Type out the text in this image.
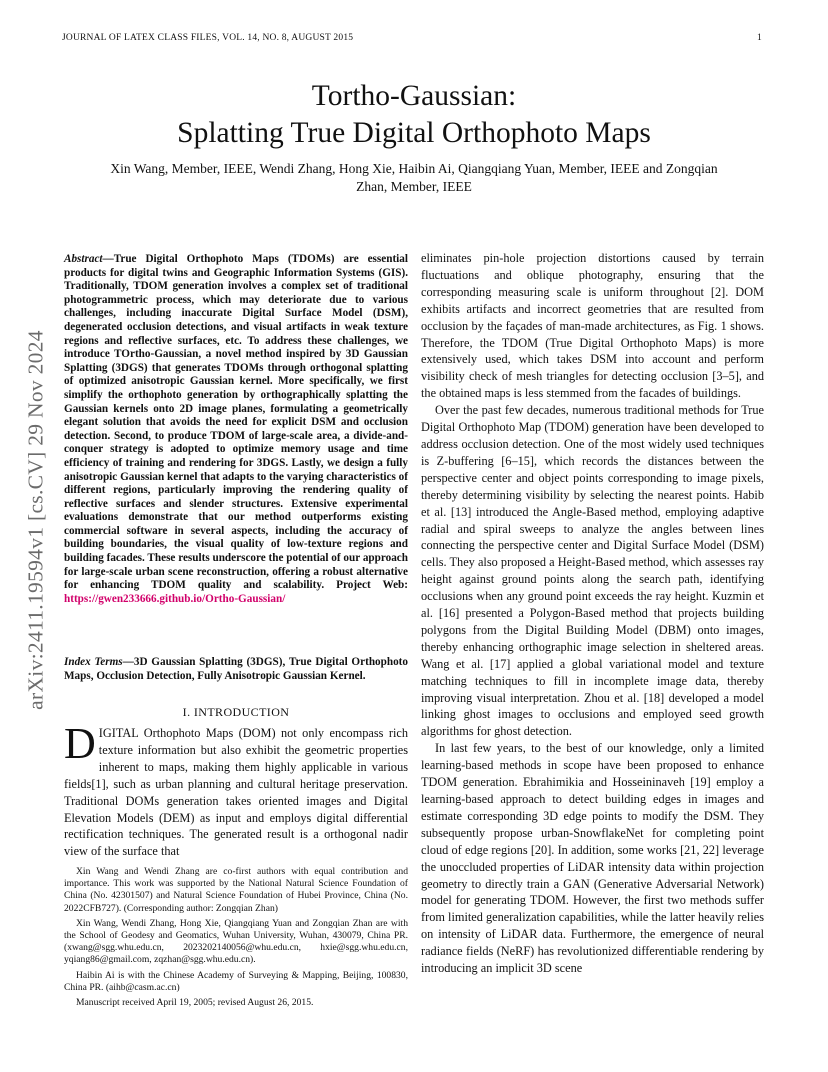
JOURNAL OF LATEX CLASS FILES, VOL. 14, NO. 8, AUGUST 2015	1
arXiv:2411.19594v1 [cs.CV] 29 Nov 2024
Tortho-Gaussian:
Splatting True Digital Orthophoto Maps
Xin Wang, Member, IEEE, Wendi Zhang, Hong Xie, Haibin Ai, Qiangqiang Yuan, Member, IEEE and Zongqian
Zhan, Member, IEEE
Abstract—True Digital Orthophoto Maps (TDOMs) are essential products for digital twins and Geographic Information Systems (GIS). Traditionally, TDOM generation involves a complex set of traditional photogrammetric process, which may deteriorate due to various challenges, including inaccurate Digital Surface Model (DSM), degenerated occlusion detections, and visual artifacts in weak texture regions and reflective surfaces, etc. To address these challenges, we introduce TOrtho-Gaussian, a novel method inspired by 3D Gaussian Splatting (3DGS) that generates TDOMs through orthogonal splatting of optimized anisotropic Gaussian kernel. More specifically, we first simplify the orthophoto generation by orthographically splatting the Gaussian kernels onto 2D image planes, formulating a geometrically elegant solution that avoids the need for explicit DSM and occlusion detection. Second, to produce TDOM of large-scale area, a divide-and-conquer strategy is adopted to optimize memory usage and time efficiency of training and rendering for 3DGS. Lastly, we design a fully anisotropic Gaussian kernel that adapts to the varying characteristics of different regions, particularly improving the rendering quality of reflective surfaces and slender structures. Extensive experimental evaluations demonstrate that our method outperforms existing commercial software in several aspects, including the accuracy of building boundaries, the visual quality of low-texture regions and building facades. These results underscore the potential of our approach for large-scale urban scene reconstruction, offering a robust alternative for enhancing TDOM quality and scalability. Project Web: https://gwen233666.github.io/Ortho-Gaussian/
Index Terms—3D Gaussian Splatting (3DGS), True Digital Orthophoto Maps, Occlusion Detection, Fully Anisotropic Gaussian Kernel.
I. INTRODUCTION

DIGITAL Orthophoto Maps (DOM) not only encompass rich texture information but also exhibit the geometric properties inherent to maps, making them highly applicable in various fields[1], such as urban planning and cultural heritage preservation. Traditional DOMs generation takes oriented images and Digital Elevation Models (DEM) as input and employs digital differential rectification techniques. The generated result is a orthogonal nadir view of the surface that

Xin Wang and Wendi Zhang are co-first authors with equal contribution and importance. This work was supported by the National Natural Science Foundation of China (No. 42301507) and Natural Science Foundation of Hubei Province, China (No. 2022CFB727). (Corresponding author: Zongqian Zhan)

Xin Wang, Wendi Zhang, Hong Xie, Qiangqiang Yuan and Zongqian Zhan are with the School of Geodesy and Geomatics, Wuhan University, Wuhan, 430079, China PR. (xwang@sgg.whu.edu.cn, 2023202140056@whu.edu.cn, hxie@sgg.whu.edu.cn, yqiang86@gmail.com, zqzhan@sgg.whu.edu.cn).

Haibin Ai is with the Chinese Academy of Surveying & Mapping, Beijing, 100830, China PR. (aihb@casm.ac.cn)

Manuscript received April 19, 2005; revised August 26, 2015.

eliminates pin-hole projection distortions caused by terrain fluctuations and oblique photography, ensuring that the corresponding measuring scale is uniform throughout [2]. DOM exhibits artifacts and incorrect geometries that are resulted from occlusion by the façades of man-made architectures, as Fig. 1 shows. Therefore, the TDOM (True Digital Orthophoto Maps) is more extensively used, which takes DSM into account and perform visibility check of mesh triangles for detecting occlusion [3–5], and the obtained maps is less stemmed from the facades of buildings.

Over the past few decades, numerous traditional methods for True Digital Orthophoto Map (TDOM) generation have been developed to address occlusion detection. One of the most widely used techniques is Z-buffering [6–15], which records the distances between the perspective center and object points corresponding to image pixels, thereby determining visibility by selecting the nearest points. Habib et al. [13] introduced the Angle-Based method, employing adaptive radial and spiral sweeps to analyze the angles between lines connecting the perspective center and Digital Surface Model (DSM) cells. They also proposed a Height-Based method, which assesses ray height against ground points along the search path, identifying occlusions when any ground point exceeds the ray height. Kuzmin et al. [16] presented a Polygon-Based method that projects building polygons from the Digital Building Model (DBM) onto images, thereby enhancing orthographic image selection in sheltered areas. Wang et al. [17] applied a global variational model and texture matching techniques to fill in incomplete image data, thereby improving visual interpretation. Zhou et al. [18] developed a model linking ghost images to occlusions and employed seed growth algorithms for ghost detection.

In last few years, to the best of our knowledge, only a limited learning-based methods in scope have been proposed to enhance TDOM generation. Ebrahimikia and Hosseininaveh [19] employ a learning-based approach to detect building edges in images and estimate corresponding 3D edge points to modify the DSM. They subsequently propose urban-SnowflakeNet for completing point cloud of edge regions [20]. In addition, some works [21, 22] leverage the unoccluded properties of LiDAR intensity data within projection geometry to directly train a GAN (Generative Adversarial Network) model for generating TDOM. However, the first two methods suffer from limited generalization capabilities, while the latter heavily relies on intensity of LiDAR data. Furthermore, the emergence of neural radiance fields (NeRF) has revolutionized differentiable rendering by introducing an implicit 3D scene
